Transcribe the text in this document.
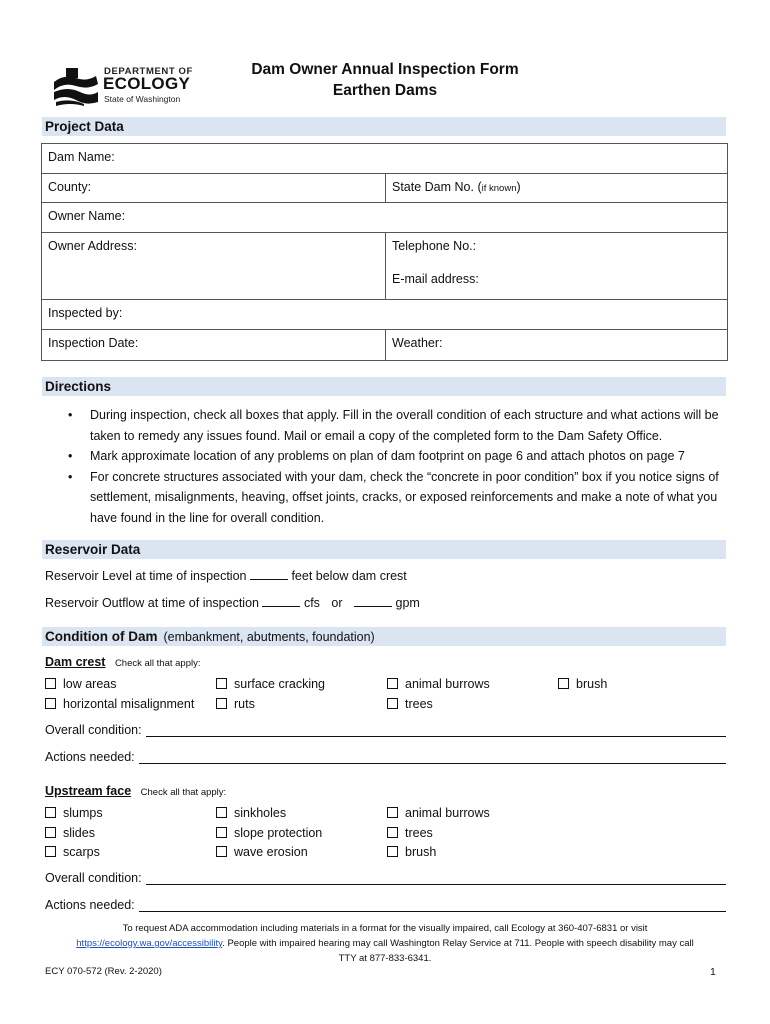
DEPARTMENT OF
ECOLOGY
State of Washington
Dam Owner Annual Inspection Form
Earthen Dams
Project Data
Dam Name:
County:	State Dam No. (if known)
Owner Name:
Owner Address:	Telephone No.:
E-mail address:
Inspected by:
Inspection Date:	Weather:
Directions
• During inspection, check all boxes that apply. Fill in the overall condition of each structure and what actions will be taken to remedy any issues found. Mail or email a copy of the completed form to the Dam Safety Office.
• Mark approximate location of any problems on plan of dam footprint on page 6 and attach photos on page 7
• For concrete structures associated with your dam, check the “concrete in poor condition” box if you notice signs of settlement, misalignments, heaving, offset joints, cracks, or exposed reinforcements and make a note of what you have found in the line for overall condition.
Reservoir Data
Reservoir Level at time of inspection	feet below dam crest
Reservoir Outflow at time of inspection	cfs or	gpm
Condition of Dam (embankment, abutments, foundation)
Dam crest Check all that apply:
low areas
horizontal misalignment
surface cracking
ruts
animal burrows
trees
brush
Overall condition:
Actions needed:
Upstream face Check all that apply:
slumps
slides
scarps
sinkholes
slope protection
wave erosion
animal burrows
trees
brush
Overall condition:
Actions needed:
To request ADA accommodation including materials in a format for the visually impaired, call Ecology at 360-407-6831 or visit
https://ecology.wa.gov/accessibility. People with impaired hearing may call Washington Relay Service at 711. People with speech disability may call
TTY at 877-833-6341.
ECY 070-572 (Rev. 2-2020)	1
